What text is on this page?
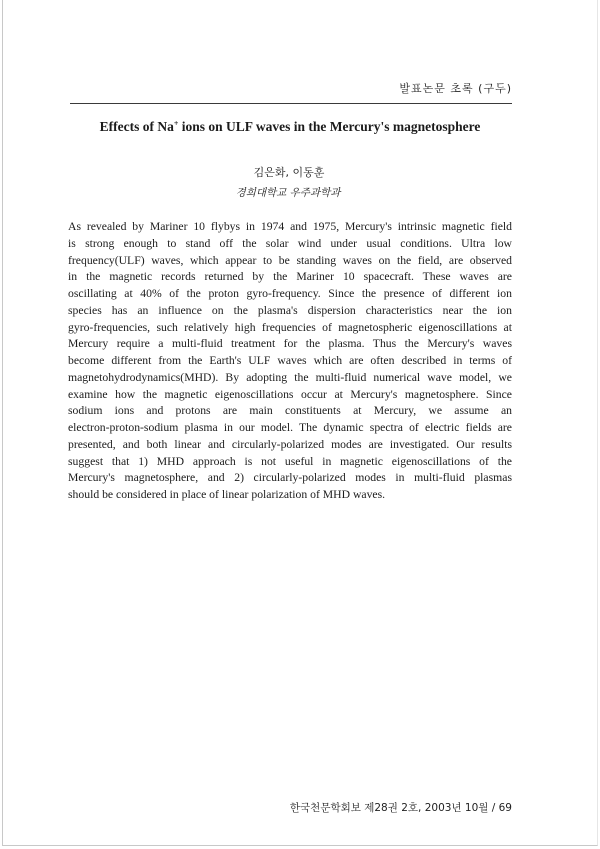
발표논문 초록 (구두)
Effects of Na+ ions on ULF waves in the Mercury's magnetosphere
김은화, 이동훈
경희대학교 우주과학과
As revealed by Mariner 10 flybys in 1974 and 1975, Mercury's intrinsic magnetic field
is strong enough to stand off the solar wind under usual conditions. Ultra low
frequency(ULF) waves, which appear to be standing waves on the field, are observed
in the magnetic records returned by the Mariner 10 spacecraft. These waves are
oscillating at 40% of the proton gyro-frequency. Since the presence of different ion
species has an influence on the plasma's dispersion characteristics near the ion
gyro-frequencies, such relatively high frequencies of magnetospheric eigenoscillations at
Mercury require a multi-fluid treatment for the plasma. Thus the Mercury's waves
become different from the Earth's ULF waves which are often described in terms of
magnetohydrodynamics(MHD). By adopting the multi-fluid numerical wave model, we
examine how the magnetic eigenoscillations occur at Mercury's magnetosphere. Since
sodium ions and protons are main constituents at Mercury, we assume an
electron-proton-sodium plasma in our model. The dynamic spectra of electric fields are
presented, and both linear and circularly-polarized modes are investigated. Our results
suggest that 1) MHD approach is not useful in magnetic eigenoscillations of the
Mercury's magnetosphere, and 2) circularly-polarized modes in multi-fluid plasmas
should be considered in place of linear polarization of MHD waves.
한국천문학회보 제28권 2호, 2003년 10월 / 69
